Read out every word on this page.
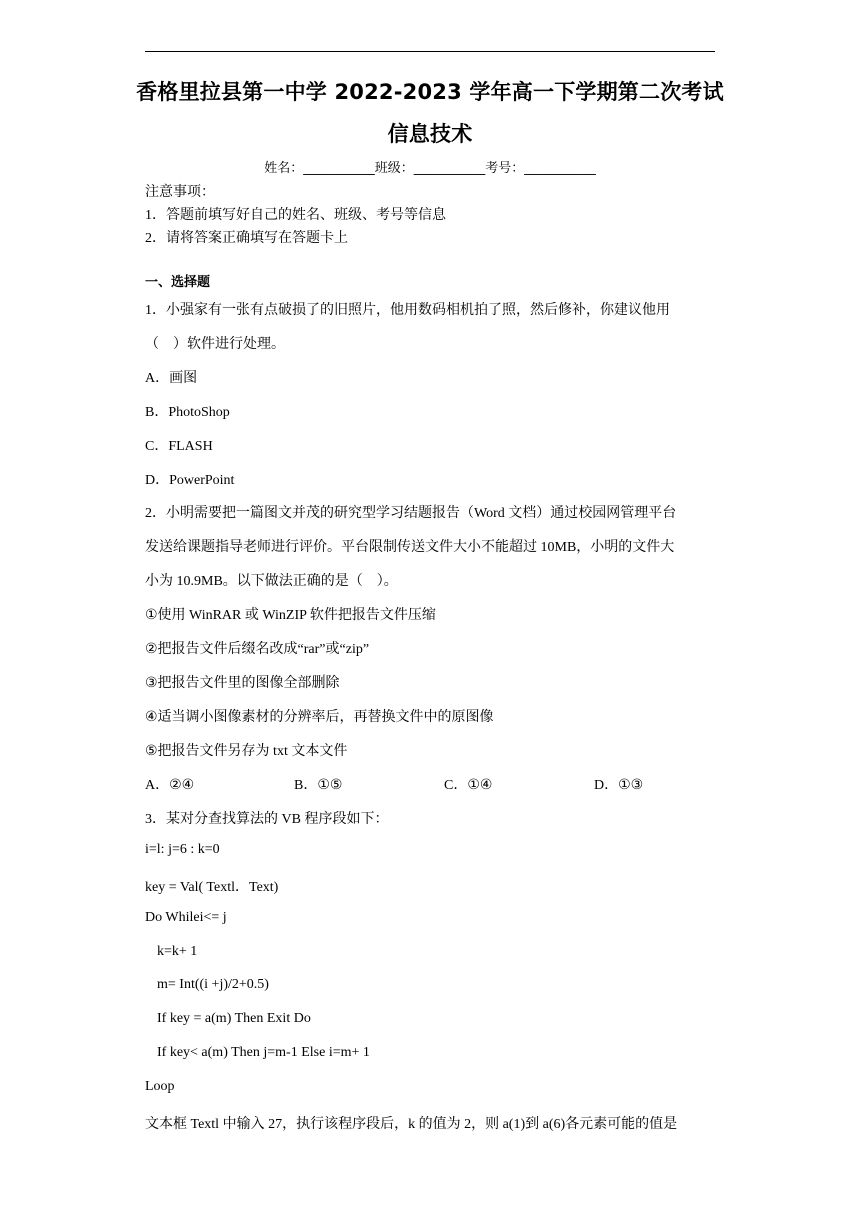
香格里拉县第一中学 2022-2023 学年高一下学期第二次考试
信息技术
姓名：___________班级：___________考号：___________
注意事项：
1．答题前填写好自己的姓名、班级、考号等信息
2．请将答案正确填写在答题卡上
一、选择题
1．小强家有一张有点破损了的旧照片，他用数码相机拍了照，然后修补，你建议他用
（　）软件进行处理。
A．画图
B．PhotoShop
C．FLASH
D．PowerPoint
2．小明需要把一篇图文并茂的研究型学习结题报告（Word 文档）通过校园网管理平台
发送给课题指导老师进行评价。平台限制传送文件大小不能超过 10MB，小明的文件大
小为 10.9MB。以下做法正确的是（　）。
①使用 WinRAR 或 WinZIP 软件把报告文件压缩
②把报告文件后缀名改成“rar”或“zip”
③把报告文件里的图像全部删除
④适当调小图像素材的分辨率后，再替换文件中的原图像
⑤把报告文件另存为 txt 文本文件
A．②④	B．①⑤	C．①④	D．①③
3．某对分查找算法的 VB 程序段如下：
i=l: j=6 : k=0
key = Val( Textl．Text)
Do Whilei<= j
k=k+ 1
m= Int((i +j)/2+0.5)
If key = a(m) Then Exit Do
If key< a(m) Then j=m-1 Else i=m+ 1
Loop
文本框 Textl 中输入 27，执行该程序段后，k 的值为 2，则 a(1)到 a(6)各元素可能的值是
